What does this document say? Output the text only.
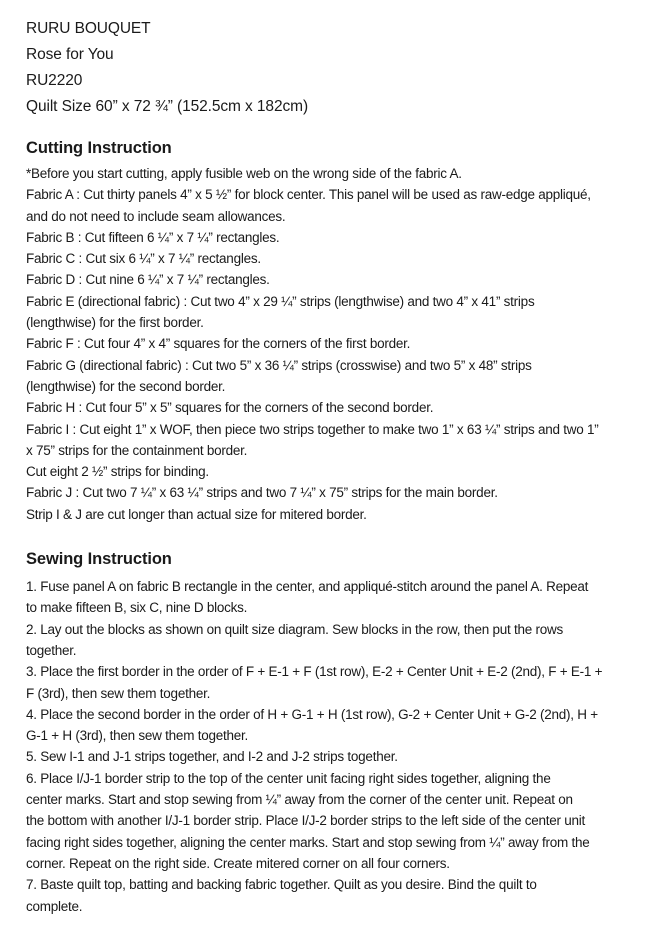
RURU BOUQUET

Rose for You

RU2220

Quilt Size 60” x 72 ¾” (152.5cm x 182cm)

Cutting Instruction

*Before you start cutting, apply fusible web on the wrong side of the fabric A.

Fabric A : Cut thirty panels 4” x 5 ½” for block center. This panel will be used as raw-edge appliqué,
and do not need to include seam allowances.

Fabric B : Cut fifteen 6 ¼” x 7 ¼” rectangles.

Fabric C : Cut six 6 ¼” x 7 ¼” rectangles.

Fabric D : Cut nine 6 ¼” x 7 ¼” rectangles.

Fabric E (directional fabric) : Cut two 4” x 29 ¼” strips (lengthwise) and two 4” x 41” strips
(lengthwise) for the first border.

Fabric F : Cut four 4” x 4” squares for the corners of the first border.

Fabric G (directional fabric) : Cut two 5” x 36 ¼” strips (crosswise) and two 5” x 48” strips
(lengthwise) for the second border.

Fabric H : Cut four 5” x 5” squares for the corners of the second border.

Fabric I : Cut eight 1” x WOF, then piece two strips together to make two 1” x 63 ¼” strips and two 1”
x 75” strips for the containment border.

Cut eight 2 ½” strips for binding.

Fabric J : Cut two 7 ¼” x 63 ¼” strips and two 7 ¼” x 75” strips for the main border.

Strip I & J are cut longer than actual size for mitered border.

Sewing Instruction

1. Fuse panel A on fabric B rectangle in the center, and appliqué-stitch around the panel A. Repeat
to make fifteen B, six C, nine D blocks.

2. Lay out the blocks as shown on quilt size diagram. Sew blocks in the row, then put the rows
together.

3. Place the first border in the order of F + E-1 + F (1st row), E-2 + Center Unit + E-2 (2nd), F + E-1 +
F (3rd), then sew them together.

4. Place the second border in the order of H + G-1 + H (1st row), G-2 + Center Unit + G-2 (2nd), H +
G-1 + H (3rd), then sew them together.

5. Sew I-1 and J-1 strips together, and I-2 and J-2 strips together.

6. Place I/J-1 border strip to the top of the center unit facing right sides together, aligning the
center marks. Start and stop sewing from ¼” away from the corner of the center unit. Repeat on
the bottom with another I/J-1 border strip. Place I/J-2 border strips to the left side of the center unit
facing right sides together, aligning the center marks. Start and stop sewing from ¼” away from the
corner. Repeat on the right side. Create mitered corner on all four corners.

7. Baste quilt top, batting and backing fabric together. Quilt as you desire. Bind the quilt to
complete.
